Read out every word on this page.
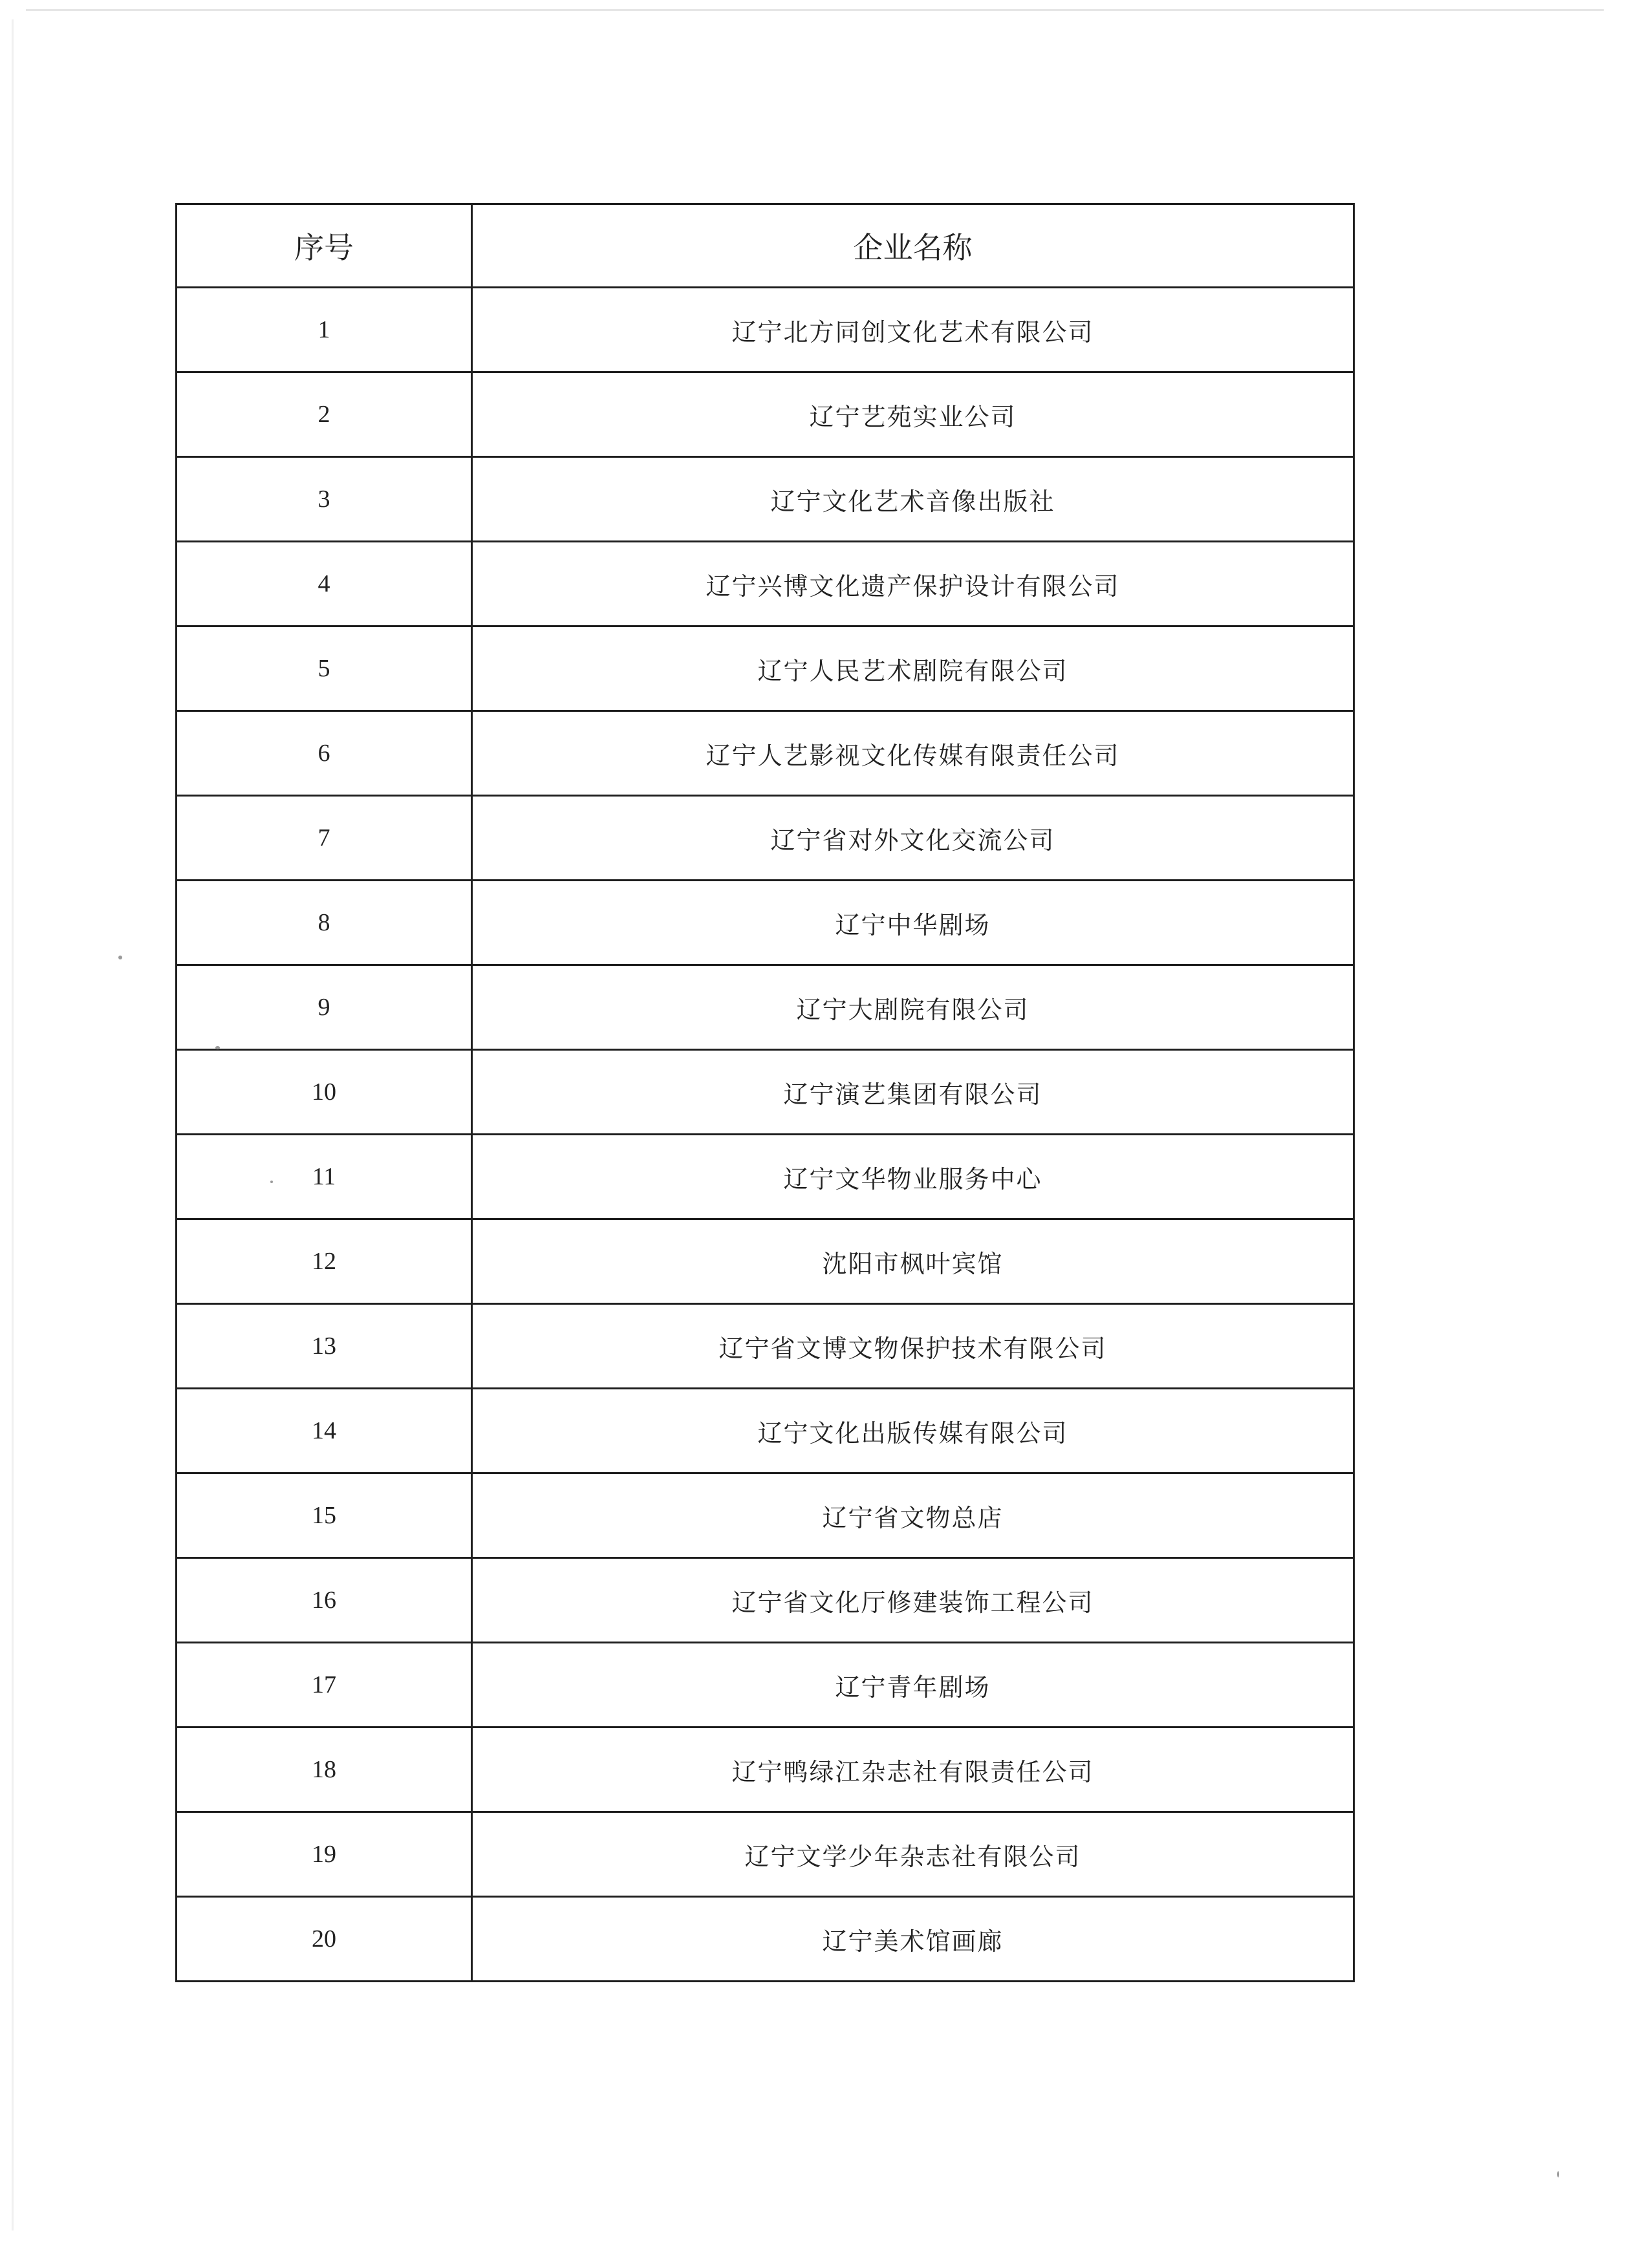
序号	企业名称
1	辽宁北方同创文化艺术有限公司
2	辽宁艺苑实业公司
3	辽宁文化艺术音像出版社
4	辽宁兴博文化遗产保护设计有限公司
5	辽宁人民艺术剧院有限公司
6	辽宁人艺影视文化传媒有限责任公司
7	辽宁省对外文化交流公司
8	辽宁中华剧场
9	辽宁大剧院有限公司
10	辽宁演艺集团有限公司
11	辽宁文华物业服务中心
12	沈阳市枫叶宾馆
13	辽宁省文博文物保护技术有限公司
14	辽宁文化出版传媒有限公司
15	辽宁省文物总店
16	辽宁省文化厅修建装饰工程公司
17	辽宁青年剧场
18	辽宁鸭绿江杂志社有限责任公司
19	辽宁文学少年杂志社有限公司
20	辽宁美术馆画廊
